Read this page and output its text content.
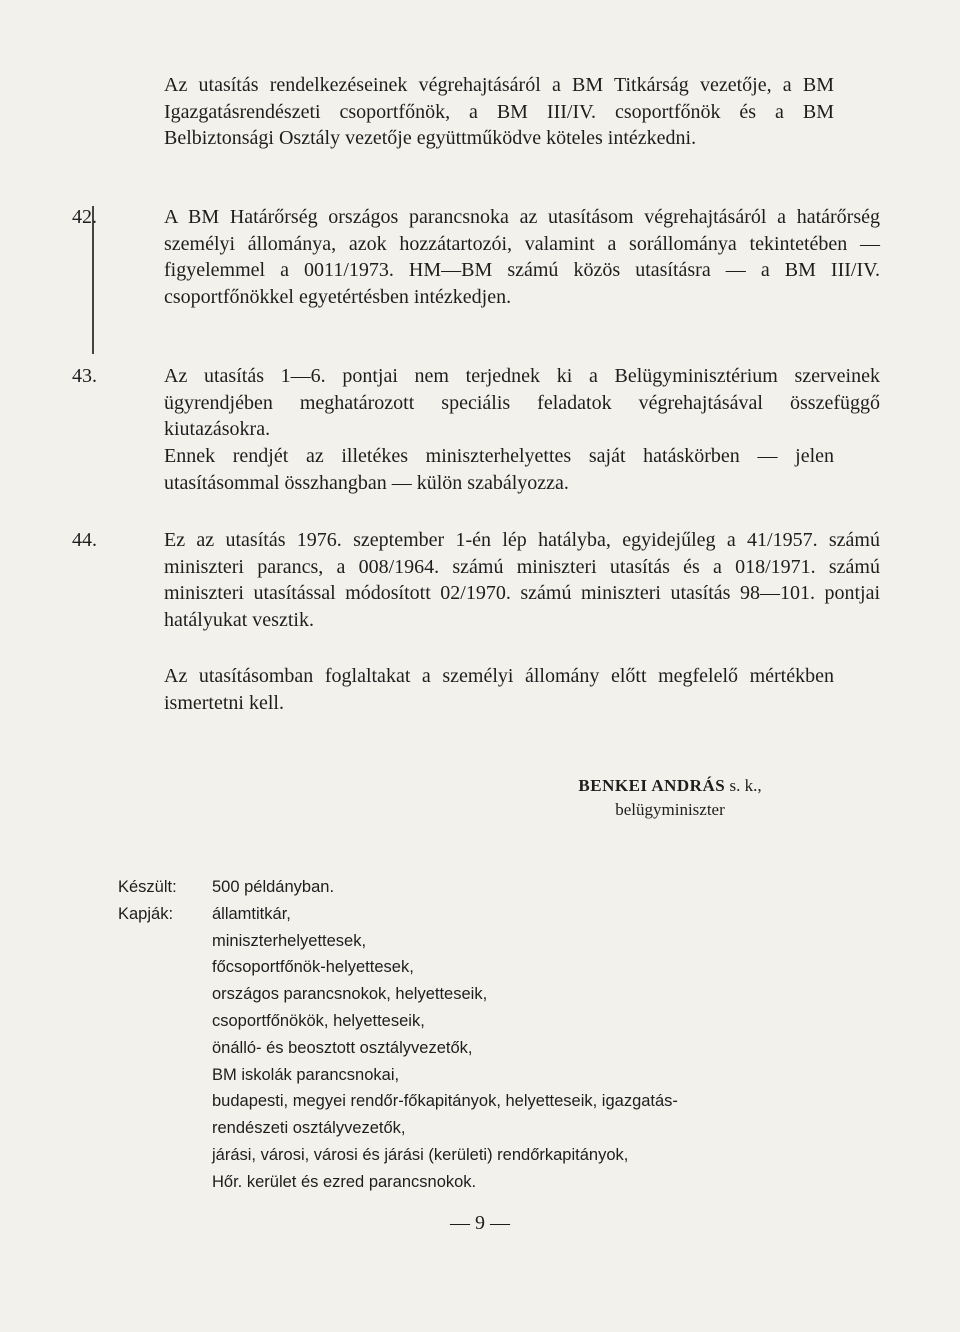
Az utasítás rendelkezéseinek végrehajtásáról a BM Titkárság vezetője, a BM Igazgatásrendészeti csoportfőnök, a BM III/IV. csoportfőnök és a BM Belbiztonsági Osztály vezetője együttműködve köteles intézkedni.

42.	A BM Határőrség országos parancsnoka az utasításom végrehajtásáról a határőrség személyi állománya, azok hozzátartozói, valamint a sorállománya tekintetében — figyelemmel a 0011/1973. HM—BM számú közös utasításra — a BM III/IV. csoportfőnökkel egyetértésben intézkedjen.

43.	Az utasítás 1—6. pontjai nem terjednek ki a Belügyminisztérium szerveinek ügyrendjében meghatározott speciális feladatok végrehajtásával összefüggő kiutazásokra.

Ennek rendjét az illetékes miniszterhelyettes saját hatáskörben — jelen utasításommal összhangban — külön szabályozza.

44.	Ez az utasítás 1976. szeptember 1-én lép hatályba, egyidejűleg a 41/1957. számú miniszteri parancs, a 008/1964. számú miniszteri utasítás és a 018/1971. számú miniszteri utasítással módosított 02/1970. számú miniszteri utasítás 98—101. pontjai hatályukat vesztik.

Az utasításomban foglaltakat a személyi állomány előtt megfelelő mértékben ismertetni kell.

BENKEI ANDRÁS s. k.,
belügyminiszter
Készült:	500 példányban.
Kapják:	államtitkár,
miniszterhelyettesek,
főcsoportfőnök-helyettesek,
országos parancsnokok, helyetteseik,
csoportfőnökök, helyetteseik,
önálló- és beosztott osztályvezetők,
BM iskolák parancsnokai,
budapesti, megyei rendőr-főkapitányok, helyetteseik, igazgatás-
rendészeti osztályvezetők,
járási, városi, városi és járási (kerületi) rendőrkapitányok,
Hőr. kerület és ezred parancsnokok.
— 9 —
